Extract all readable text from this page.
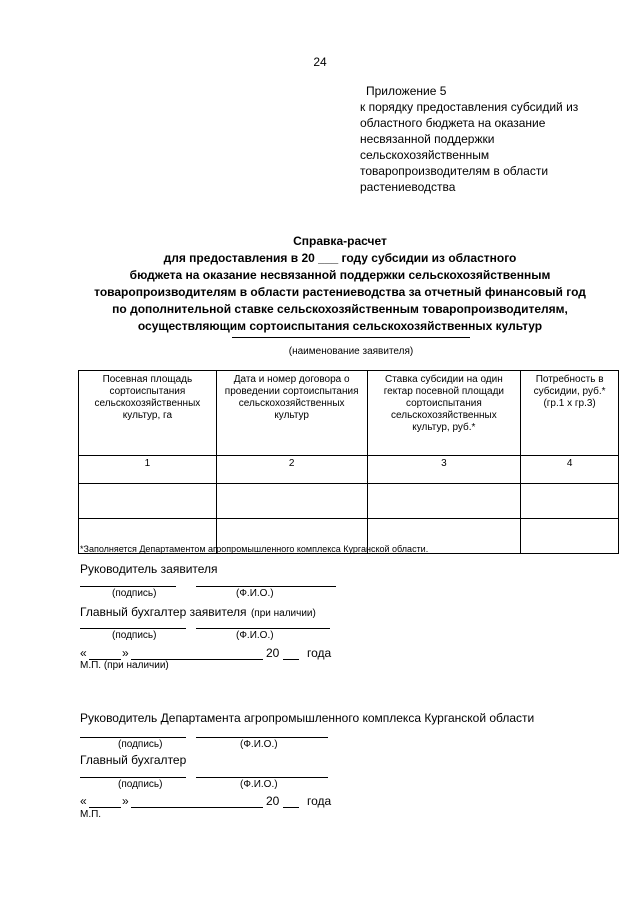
24
Приложение 5
к порядку предоставления субсидий из
областного бюджета на оказание
несвязанной поддержки
сельскохозяйственным
товаропроизводителям в области
растениеводства
Справка-расчет
для предоставления в 20 ___ году субсидии из областного
бюджета на оказание несвязанной поддержки сельскохозяйственным
товаропроизводителям в области растениеводства за отчетный финансовый год
по дополнительной ставке сельскохозяйственным товаропроизводителям,
осуществляющим сортоиспытания сельскохозяйственных культур
(наименование заявителя)
Посевная площадь сортоиспытания сельскохозяйственных культур, га	Дата и номер договора о проведении сортоиспытания сельскохозяйственных культур	Ставка субсидии на один гектар посевной площади сортоиспытания сельскохозяйственных культур, руб.*	Потребность в субсидии, руб.* (гр.1 х гр.3)
1	2	3	4

*Заполняется Департаментом агропромышленного комплекса Курганской области.
Руководитель заявителя
(подпись)	(Ф.И.О.)
Главный бухгалтер заявителя (при наличии)
(подпись)	(Ф.И.О.)
«	»	20 года
М.П. (при наличии)
Руководитель Департамента агропромышленного комплекса Курганской области
(подпись)	(Ф.И.О.)
Главный бухгалтер
(подпись)	(Ф.И.О.)
«	»	20 года
М.П.
